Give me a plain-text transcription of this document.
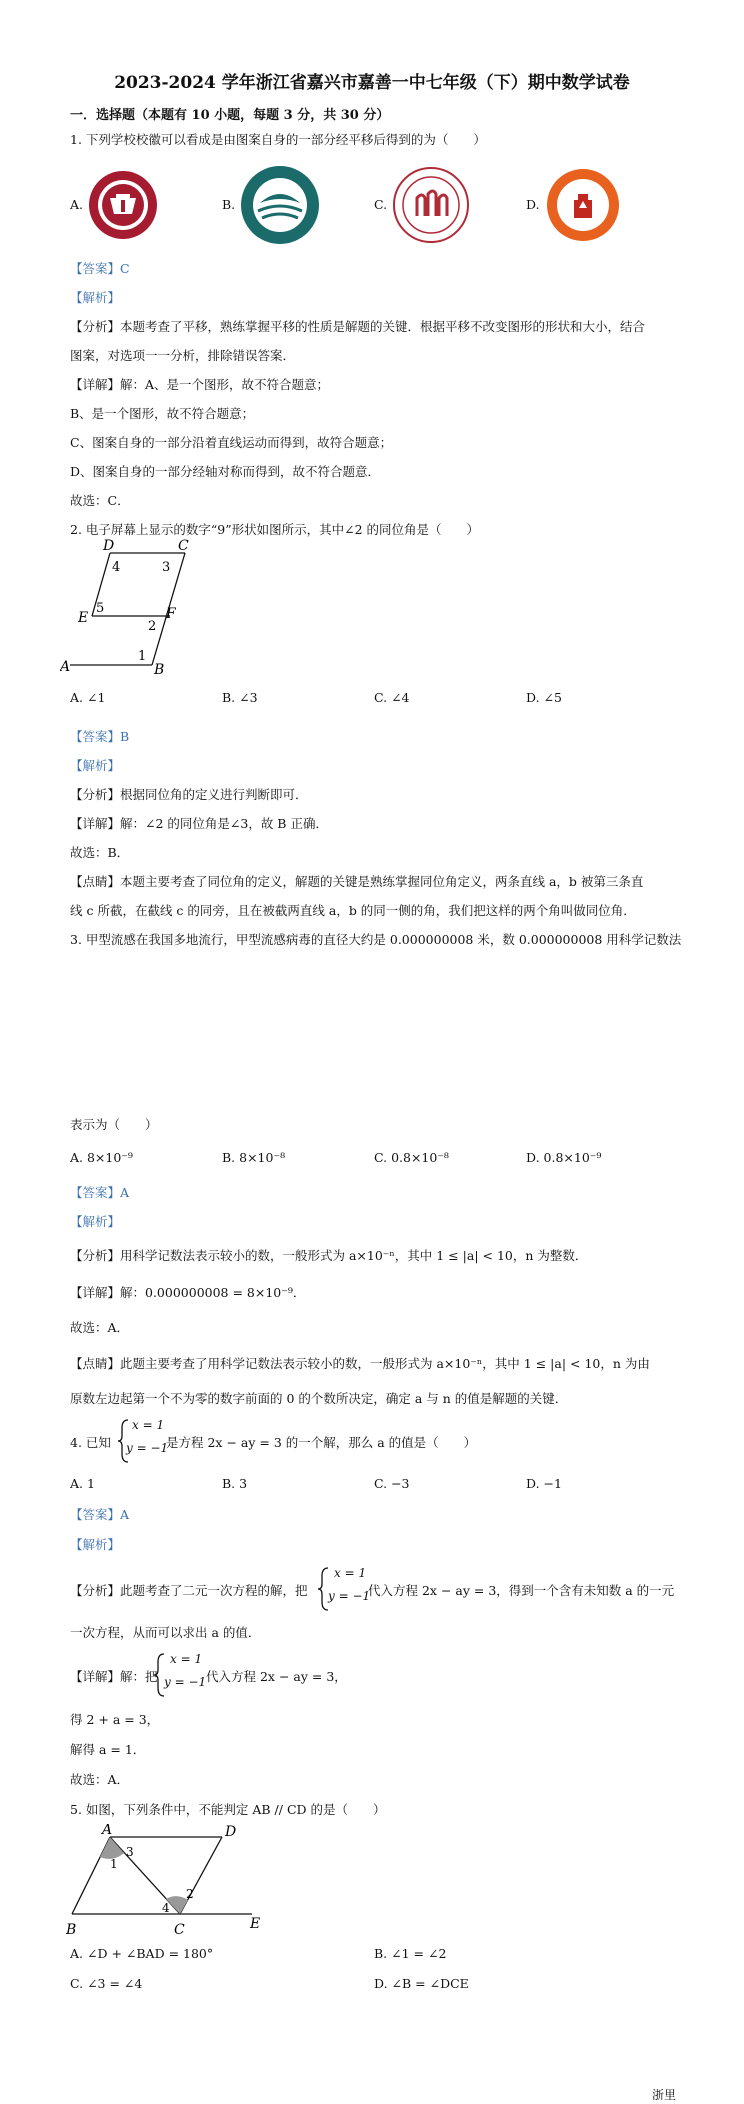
2023-2024 学年浙江省嘉兴市嘉善一中七年级（下）期中数学试卷
一．选择题（本题有 10 小题，每题 3 分，共 30 分）
1. 下列学校校徽可以看成是由图案自身的一部分经平移后得到的为（　　）
A.	B.	C.	D.
【答案】C
【解析】
【分析】本题考查了平移，熟练掌握平移的性质是解题的关键．根据平移不改变图形的形状和大小，结合
图案，对选项一一分析，排除错误答案．
【详解】解：A、是一个图形，故不符合题意；
B、是一个图形，故不符合题意；
C、图案自身的一部分沿着直线运动而得到，故符合题意；
D、图案自身的一部分经轴对称而得到，故不符合题意．
故选：C．
2. 电子屏幕上显示的数字“9”形状如图所示，其中∠2 的同位角是（　　）
D	C
4	3
E	F
5
2
A
1
B
A. ∠1	B. ∠3	C. ∠4	D. ∠5
【答案】B
【解析】
【分析】根据同位角的定义进行判断即可．
【详解】解：∠2 的同位角是∠3，故 B 正确．
故选：B．
【点睛】本题主要考查了同位角的定义，解题的关键是熟练掌握同位角定义，两条直线 a，b 被第三条直
线 c 所截，在截线 c 的同旁，且在被截两直线 a，b 的同一侧的角，我们把这样的两个角叫做同位角．
3. 甲型流感在我国多地流行，甲型流感病毒的直径大约是 0.000000008 米，数 0.000000008 用科学记数法
表示为（　　）
A. 8×10⁻⁹	B. 8×10⁻⁸	C. 0.8×10⁻⁸	D. 0.8×10⁻⁹
【答案】A
【解析】
【分析】用科学记数法表示较小的数，一般形式为 a×10⁻ⁿ，其中 1 ≤ |a| < 10，n 为整数．
【详解】解：0.000000008 = 8×10⁻⁹．
故选：A．
【点睛】此题主要考查了用科学记数法表示较小的数，一般形式为 a×10⁻ⁿ，其中 1 ≤ |a| < 10，n 为由
原数左边起第一个不为零的数字前面的 0 的个数所决定，确定 a 与 n 的值是解题的关键．
4. 已知
x = 1
y = −1
是方程 2x − ay = 3 的一个解，那么 a 的值是（　　）
A. 1	B. 3	C. −3	D. −1
【答案】A
【解析】
【分析】此题考查了二元一次方程的解，把
x = 1
y = −1
代入方程 2x − ay = 3，得到一个含有未知数 a 的一元
一次方程，从而可以求出 a 的值．
【详解】解：把
x = 1
y = −1 代入方程 2x − ay = 3，
得 2 + a = 3，
解得 a = 1．
故选：A．
5. 如图，下列条件中，不能判定 AB // CD 的是（　　）
A	D
1
3
2
4
E
B	C
A. ∠D + ∠BAD = 180°	B. ∠1 = ∠2
C. ∠3 = ∠4	D. ∠B = ∠DCE
浙里
